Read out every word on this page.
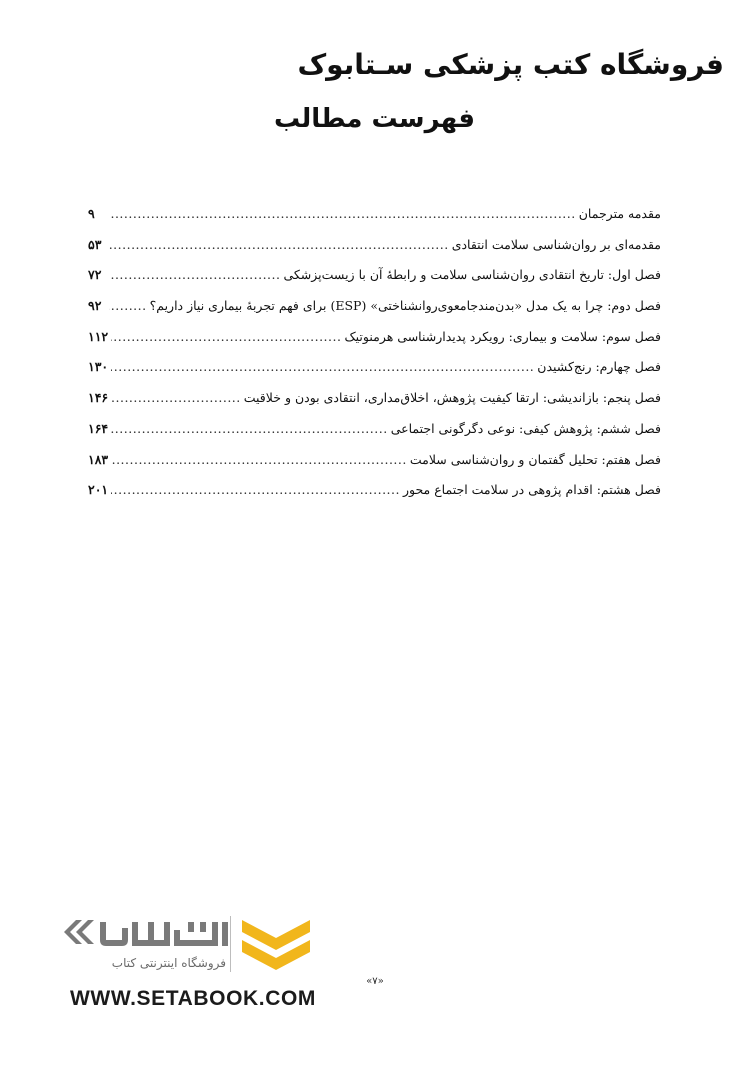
فروشگاه کتب پزشکی سـتابوک
فهرست مطالب
مقدمه مترجمان
.....
۹
مقدمه‌ای بر روان‌شناسی سلامت انتقادی
.....
۵۳
فصل اول: تاریخ انتقادی روان‌شناسی سلامت و رابطهٔ آن با زیست‌پزشکی
.....
۷۲
فصل دوم: چرا به یک مدل «بدن‌مندجامعوی‌روانشناختی» (ESP) برای فهم تجربهٔ بیماری نیاز داریم؟
.....
۹۲
فصل سوم: سلامت و بیماری: رویکرد پدیدارشناسی هرمنوتیک
.....
۱۱۲
فصل چهارم: رنج‌کشیدن
.....
۱۳۰
فصل پنجم: بازاندیشی: ارتقا کیفیت پژوهش، اخلاق‌مداری، انتقادی بودن و خلاقیت
.....
۱۴۶
فصل ششم: پژوهش کیفی: نوعی دگرگونی اجتماعی
.....
۱۶۴
فصل هفتم: تحلیل گفتمان و روان‌شناسی سلامت
.....
۱۸۳
فصل هشتم: اقدام پژوهی در سلامت اجتماع محور
.....
۲۰۱
فروشگاه اینترنتی کتاب
WWW.SETABOOK.COM
«۷»
